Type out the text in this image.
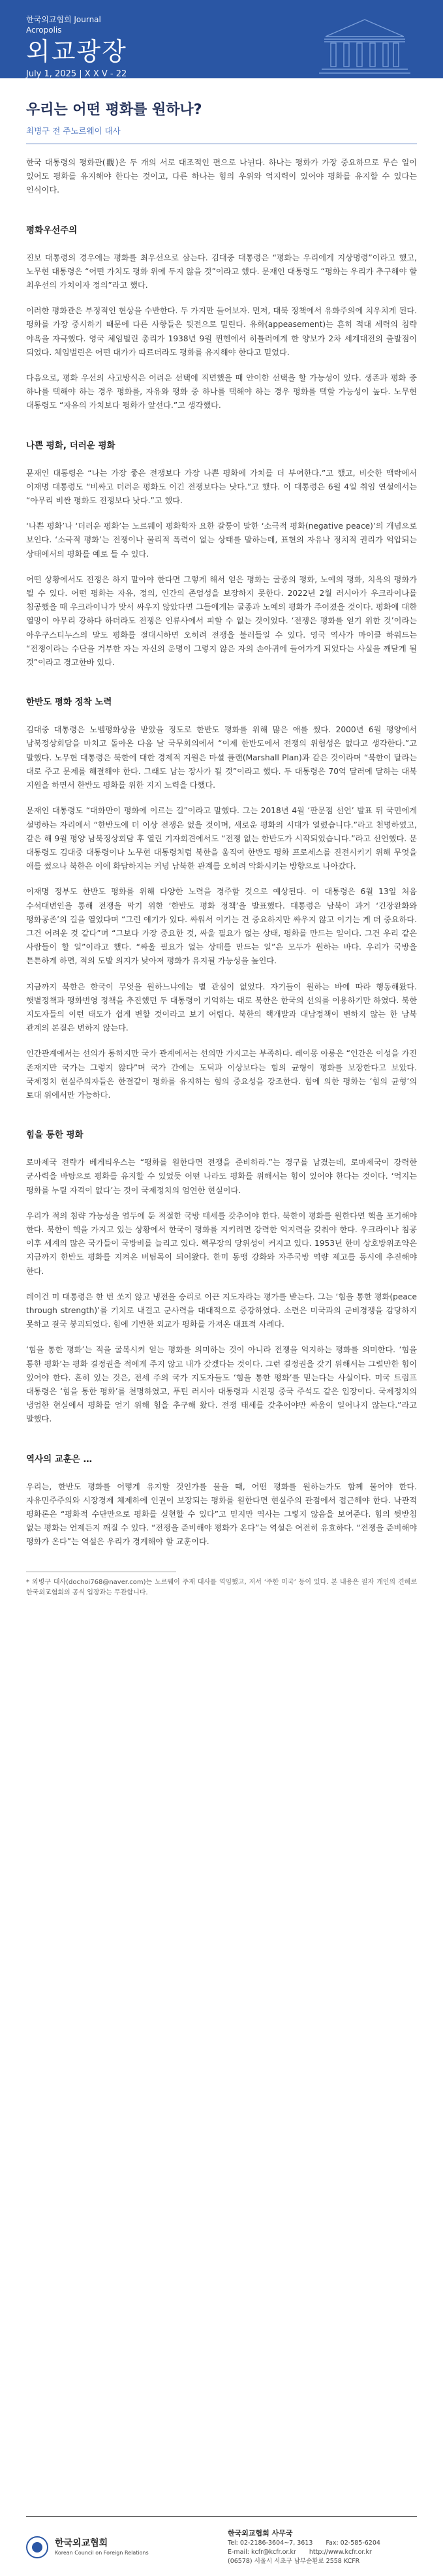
한국외교협회 Journal
Acropolis
외교광장
July 1, 2025 | X X V - 22
우리는 어떤 평화를 원하나?
최병구 전 주노르웨이 대사

한국 대통령의 평화관(觀)은 두 개의 서로 대조적인 편으로 나뉜다. 하나는 평화가 가장 중요하므로 무슨 일이 있어도 평화를 유지해야 한다는 것이고, 다른 하나는 힘의 우위와 억지력이 있어야 평화를 유지할 수 있다는 인식이다.

평화우선주의

진보 대통령의 경우에는 평화를 최우선으로 삼는다. 김대중 대통령은 “평화는 우리에게 지상명령”이라고 했고, 노무현 대통령은 “어떤 가치도 평화 위에 두지 않을 것”이라고 했다. 문재인 대통령도 “평화는 우리가 추구해야 할 최우선의 가치이자 정의”라고 했다.

이러한 평화관은 부정적인 현상을 수반한다. 두 가지만 들어보자. 먼저, 대북 정책에서 유화주의에 치우치게 된다. 평화를 가장 중시하기 때문에 다른 사항들은 뒷전으로 밀린다. 유화(appeasement)는 흔히 적대 세력의 침략 야욕을 자극했다. 영국 체임벌린 총리가 1938년 9월 뮌헨에서 히틀러에게 한 양보가 2차 세계대전의 출발점이 되었다. 체임벌린은 어떤 대가가 따르더라도 평화를 유지해야 한다고 믿었다.

다음으로, 평화 우선의 사고방식은 어려운 선택에 직면했을 때 안이한 선택을 할 가능성이 있다. 생존과 평화 중 하나를 택해야 하는 경우 평화를, 자유와 평화 중 하나를 택해야 하는 경우 평화를 택할 가능성이 높다. 노무현 대통령도 “자유의 가치보다 평화가 앞선다.”고 생각했다.

나쁜 평화, 더러운 평화

문재인 대통령은 “나는 가장 좋은 전쟁보다 가장 나쁜 평화에 가치를 더 부여한다.”고 했고, 비슷한 맥락에서 이재명 대통령도 “비싸고 더러운 평화도 이긴 전쟁보다는 낫다.”고 했다. 이 대통령은 6월 4일 취임 연설에서는 “아무리 비싼 평화도 전쟁보다 낫다.”고 했다.

‘나쁜 평화’나 ‘더러운 평화’는 노르웨이 평화학자 요한 갈퉁이 말한 ‘소극적 평화(negative peace)’의 개념으로 보인다. ‘소극적 평화’는 전쟁이나 물리적 폭력이 없는 상태를 말하는데, 표현의 자유나 정치적 권리가 억압되는 상태에서의 평화를 예로 들 수 있다.

어떤 상황에서도 전쟁은 하지 말아야 한다면 그렇게 해서 얻은 평화는 굴종의 평화, 노예의 평화, 치욕의 평화가 될 수 있다. 어떤 평화는 자유, 정의, 인간의 존엄성을 보장하지 못한다. 2022년 2월 러시아가 우크라이나를 침공했을 때 우크라이나가 맞서 싸우지 않았다면 그들에게는 굴종과 노예의 평화가 주어졌을 것이다. 평화에 대한 열망이 아무리 강하다 하더라도 전쟁은 인류사에서 피할 수 없는 것이었다. ‘전쟁은 평화를 얻기 위한 것’이라는 아우구스티누스의 말도 평화를 절대시하면 오히려 전쟁을 불러들일 수 있다. 영국 역사가 마이클 하워드는 “전쟁이라는 수단을 거부한 자는 자신의 운명이 그렇지 않은 자의 손아귀에 들어가게 되었다는 사실을 깨닫게 될 것”이라고 경고한바 있다.

한반도 평화 정착 노력

김대중 대통령은 노벨평화상을 받았을 정도로 한반도 평화를 위해 많은 애를 썼다. 2000년 6월 평양에서 남북정상회담을 마치고 돌아온 다음 날 국무회의에서 “이제 한반도에서 전쟁의 위험성은 없다고 생각한다.”고 말했다. 노무현 대통령은 북한에 대한 경제적 지원은 마셜 플랜(Marshall Plan)과 같은 것이라며 “북한이 달라는 대로 주고 문제를 해결해야 한다. 그래도 남는 장사가 될 것”이라고 했다. 두 대통령은 70억 달러에 달하는 대북 지원을 하면서 한반도 평화를 위한 지지 노력을 다했다.

문재인 대통령도 “대화만이 평화에 이르는 길”이라고 말했다. 그는 2018년 4월 ‘판문점 선언’ 발표 뒤 국민에게 설명하는 자리에서 “한반도에 더 이상 전쟁은 없을 것이며, 새로운 평화의 시대가 열렸습니다.”라고 천명하였고, 같은 해 9월 평양 남북정상회담 후 열린 기자회견에서도 “전쟁 없는 한반도가 시작되었습니다.”라고 선언했다. 문 대통령도 김대중 대통령이나 노무현 대통령처럼 북한을 움직여 한반도 평화 프로세스를 진전시키기 위해 무엇을 애를 썼으나 북한은 이에 화답하지는 커녕 남북한 관계를 오히려 악화시키는 방향으로 나아갔다.

이재명 정부도 한반도 평화를 위해 다양한 노력을 경주할 것으로 예상된다. 이 대통령은 6월 13일 처음 수석대변인을 통해 전쟁을 막기 위한 ‘한반도 평화 정책’을 발표했다. 대통령은 남북이 과거 ‘긴장완화와 평화공존’의 길을 열었다며 “그런 얘기가 있다. 싸워서 이기는 건 중요하지만 싸우지 않고 이기는 게 더 중요하다. 그건 어려운 것 같다”며 “그보다 가장 중요한 것, 싸울 필요가 없는 상태, 평화를 만드는 일이다. 그건 우리 같은 사람들이 할 일”이라고 했다. “싸울 필요가 없는 상태를 만드는 일”은 모두가 원하는 바다. 우리가 국방을 튼튼하게 하면, 적의 도발 의지가 낮아져 평화가 유지될 가능성을 높인다.

지금까지 북한은 한국이 무엇을 원하느냐에는 별 관심이 없었다. 자기들이 원하는 바에 따라 행동해왔다. 햇볕정책과 평화번영 정책을 추진했던 두 대통령이 기억하는 대로 북한은 한국의 선의를 이용하기만 하였다. 북한 지도자들의 이런 태도가 쉽게 변할 것이라고 보기 어렵다. 북한의 핵개발과 대남정책이 변하지 않는 한 남북 관계의 본질은 변하지 않는다.

인간관계에서는 선의가 통하지만 국가 관계에서는 선의만 가지고는 부족하다. 레이몽 아롱은 “인간은 이성을 가진 존재지만 국가는 그렇지 않다”며 국가 간에는 도덕과 이상보다는 힘의 균형이 평화를 보장한다고 보았다. 국제정치 현실주의자들은 한결같이 평화를 유지하는 힘의 중요성을 강조한다. 힘에 의한 평화는 ‘힘의 균형’의 토대 위에서만 가능하다.

힘을 통한 평화

로마제국 전략가 베게티우스는 “평화를 원한다면 전쟁을 준비하라.”는 경구를 남겼는데, 로마제국이 강력한 군사력을 바탕으로 평화를 유지할 수 있었듯 어떤 나라도 평화를 위해서는 힘이 있어야 한다는 것이다. ‘억지는 평화를 누릴 자격이 없다’는 것이 국제정치의 엄연한 현실이다.

우리가 적의 침략 가능성을 염두에 둔 적절한 국방 태세를 갖추어야 한다. 북한이 평화를 원한다면 핵을 포기해야 한다. 북한이 핵을 가지고 있는 상황에서 한국이 평화를 지키려면 강력한 억지력을 갖춰야 한다. 우크라이나 침공 이후 세계의 많은 국가들이 국방비를 늘리고 있다. 핵무장의 당위성이 커지고 있다. 1953년 한미 상호방위조약은 지금까지 한반도 평화를 지켜온 버팀목이 되어왔다. 한미 동맹 강화와 자주국방 역량 제고를 동시에 추진해야 한다.

레이건 미 대통령은 한 번 쏘지 않고 냉전을 승리로 이끈 지도자라는 평가를 받는다. 그는 ‘힘을 통한 평화(peace through strength)’를 기치로 내걸고 군사력을 대대적으로 증강하였다. 소련은 미국과의 군비경쟁을 감당하지 못하고 결국 붕괴되었다. 힘에 기반한 외교가 평화를 가져온 대표적 사례다.

‘힘을 통한 평화’는 적을 굴복시켜 얻는 평화를 의미하는 것이 아니라 전쟁을 억지하는 평화를 의미한다. ‘힘을 통한 평화’는 평화 결정권을 적에게 주지 않고 내가 갖겠다는 것이다. 그런 결정권을 갖기 위해서는 그럴만한 힘이 있어야 한다. 흔히 있는 것은, 전세 주의 국가 지도자들도 ‘힘을 통한 평화’를 믿는다는 사실이다. 미국 트럼프 대통령은 ‘힘을 통한 평화’를 천명하였고, 푸틴 러시아 대통령과 시진핑 중국 주석도 같은 입장이다. 국제정치의 냉엄한 현실에서 평화를 얻기 위해 힘을 추구해 왔다. 전쟁 태세를 갖추어야만 싸움이 일어나지 않는다.”라고 말했다.

역사의 교훈은 …

우리는, 한반도 평화를 어떻게 유지할 것인가를 물을 때, 어떤 평화를 원하는가도 함께 물어야 한다. 자유민주주의와 시장경제 체제하에 인권이 보장되는 평화를 원한다면 현실주의 관점에서 접근해야 한다. 낙관적 평화론은 “평화적 수단만으로 평화를 실현할 수 있다”고 믿지만 역사는 그렇지 않음을 보여준다. 힘의 뒷받침 없는 평화는 언제든지 깨질 수 있다. “전쟁을 준비해야 평화가 온다”는 역설은 여전히 유효하다. “전쟁을 준비해야 평화가 온다”는 역설은 우리가 경계해야 할 교훈이다.

* 외병구 대사(dochoi768@naver.com)는 노르웨이 주재 대사를 역임했고, 저서 ‘주한 미국’ 등이 있다. 본 내용은 필자 개인의 견해로 한국외교협회의 공식 입장과는 무관합니다.

한국외교협회
Korean Council on Foreign Relations
한국외교협회 사무국
Tel: 02-2186-3604~7, 3613 Fax: 02-585-6204
E-mail: kcfr@kcfr.or.kr http://www.kcfr.or.kr
(06578) 서울시 서초구 남부순환로 2558 KCFR
